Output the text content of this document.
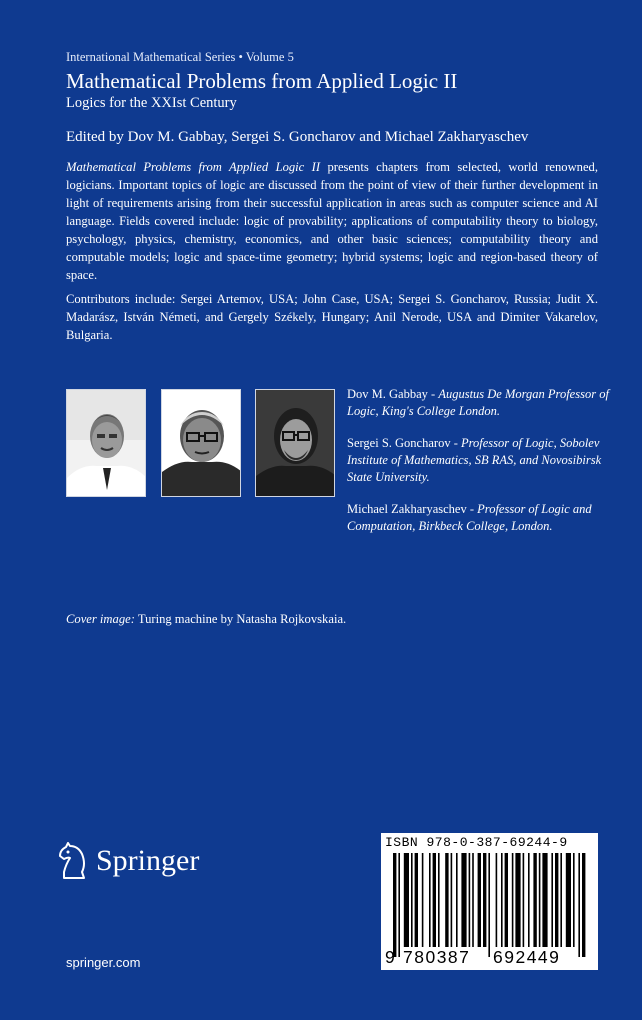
International Mathematical Series • Volume 5
Mathematical Problems from Applied Logic II
Logics for the XXIst Century
Edited by Dov M. Gabbay, Sergei S. Goncharov and Michael Zakharyaschev

Mathematical Problems from Applied Logic II presents chapters from selected, world renowned, logicians. Important topics of logic are discussed from the point of view of their further development in light of requirements arising from their successful application in areas such as computer science and AI language. Fields covered include: logic of provability; applications of computability theory to biology, psychology, physics, chemistry, economics, and other basic sciences; computability theory and computable models; logic and space-time geometry; hybrid systems; logic and region-based theory of space.

Contributors include: Sergei Artemov, USA; John Case, USA; Sergei S. Goncharov, Russia; Judit X. Madarász, István Németi, and Gergely Székely, Hungary; Anil Nerode, USA and Dimiter Vakarelov, Bulgaria.

Dov M. Gabbay - Augustus De Morgan Professor of Logic, King's College London.

Sergei S. Goncharov - Professor of Logic, Sobolev Institute of Mathematics, SB RAS, and Novosibirsk State University.

Michael Zakharyaschev - Professor of Logic and Computation, Birkbeck College, London.

Cover image: Turing machine by Natasha Rojkovskaia.
Springer
springer.com
ISBN 978-0-387-69244-9
9 780387 692449
